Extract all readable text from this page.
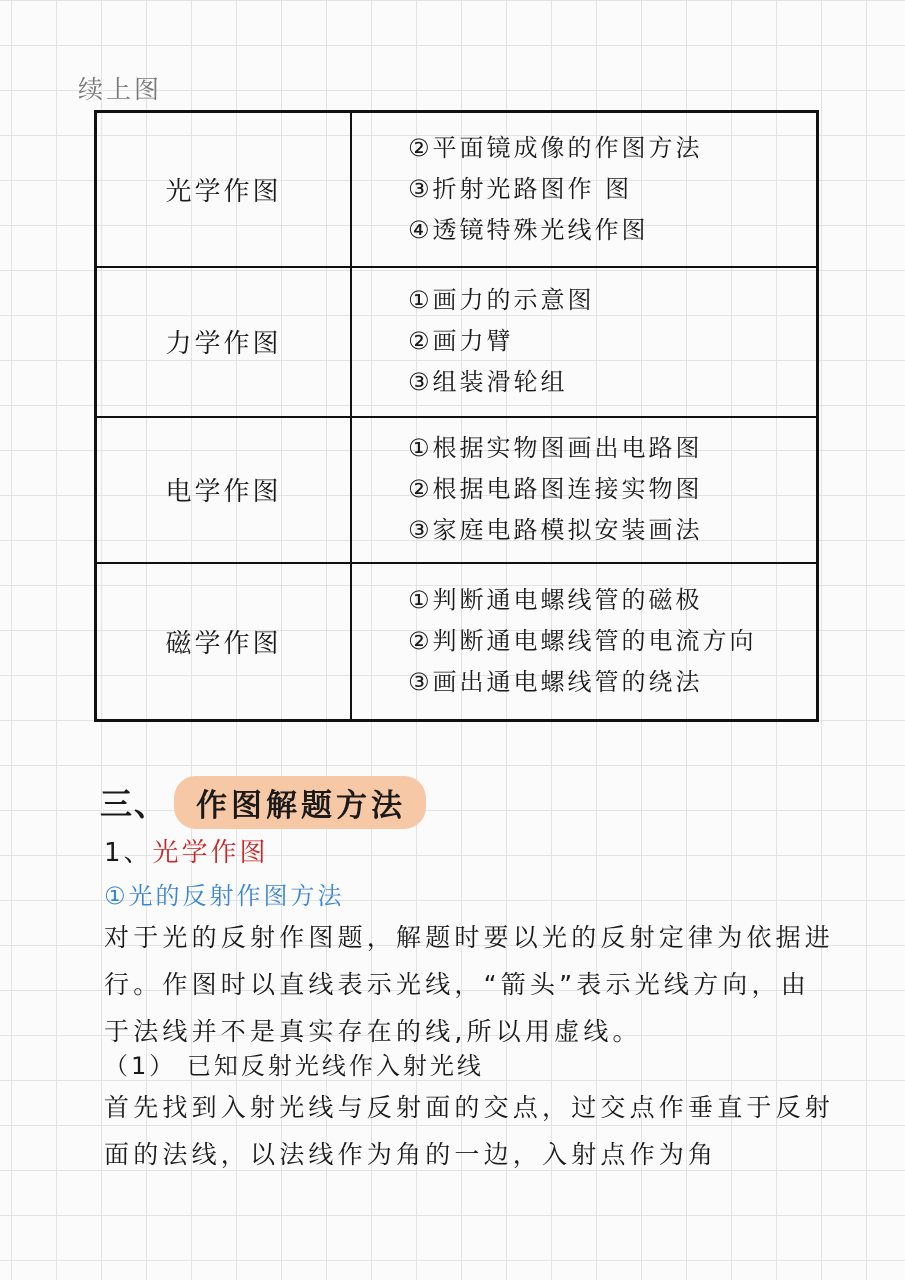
续上图
光学作图	②平面镜成像的作图方法
③折射光路图作 图
④透镜特殊光线作图

力学作图	①画力的示意图
②画力臂
③组装滑轮组

电学作图	①根据实物图画出电路图
②根据电路图连接实物图
③家庭电路模拟安装画法

磁学作图	①判断通电螺线管的磁极
②判断通电螺线管的电流方向
③画出通电螺线管的绕法
三、 作图解题方法
1、光学作图
①光的反射作图方法
对于光的反射作图题，解题时要以光的反射定律为依据进行。作图时以直线表示光线，“箭头”表示光线方向，由于法线并不是真实存在的线,所以用虚线。
（1） 已知反射光线作入射光线
首先找到入射光线与反射面的交点，过交点作垂直于反射面的法线，以法线作为角的一边，入射点作为角
